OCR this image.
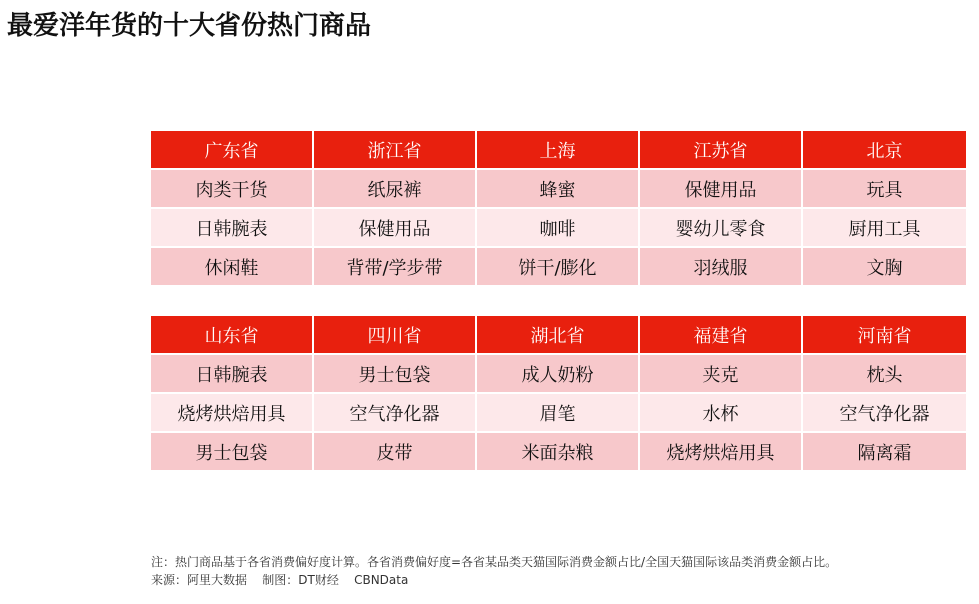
最爱洋年货的十大省份热门商品
广东省	浙江省	上海	江苏省	北京
肉类干货	纸尿裤	蜂蜜	保健用品	玩具
日韩腕表	保健用品	咖啡	婴幼儿零食	厨用工具
休闲鞋	背带/学步带	饼干/膨化	羽绒服	文胸
山东省	四川省	湖北省	福建省	河南省
日韩腕表	男士包袋	成人奶粉	夹克	枕头
烧烤烘焙用具	空气净化器	眉笔	水杯	空气净化器
男士包袋	皮带	米面杂粮	烧烤烘焙用具	隔离霜
注：热门商品基于各省消费偏好度计算。各省消费偏好度=各省某品类天猫国际消费金额占比/全国天猫国际该品类消费金额占比。
来源：阿里大数据    制图：DT财经    CBNData
